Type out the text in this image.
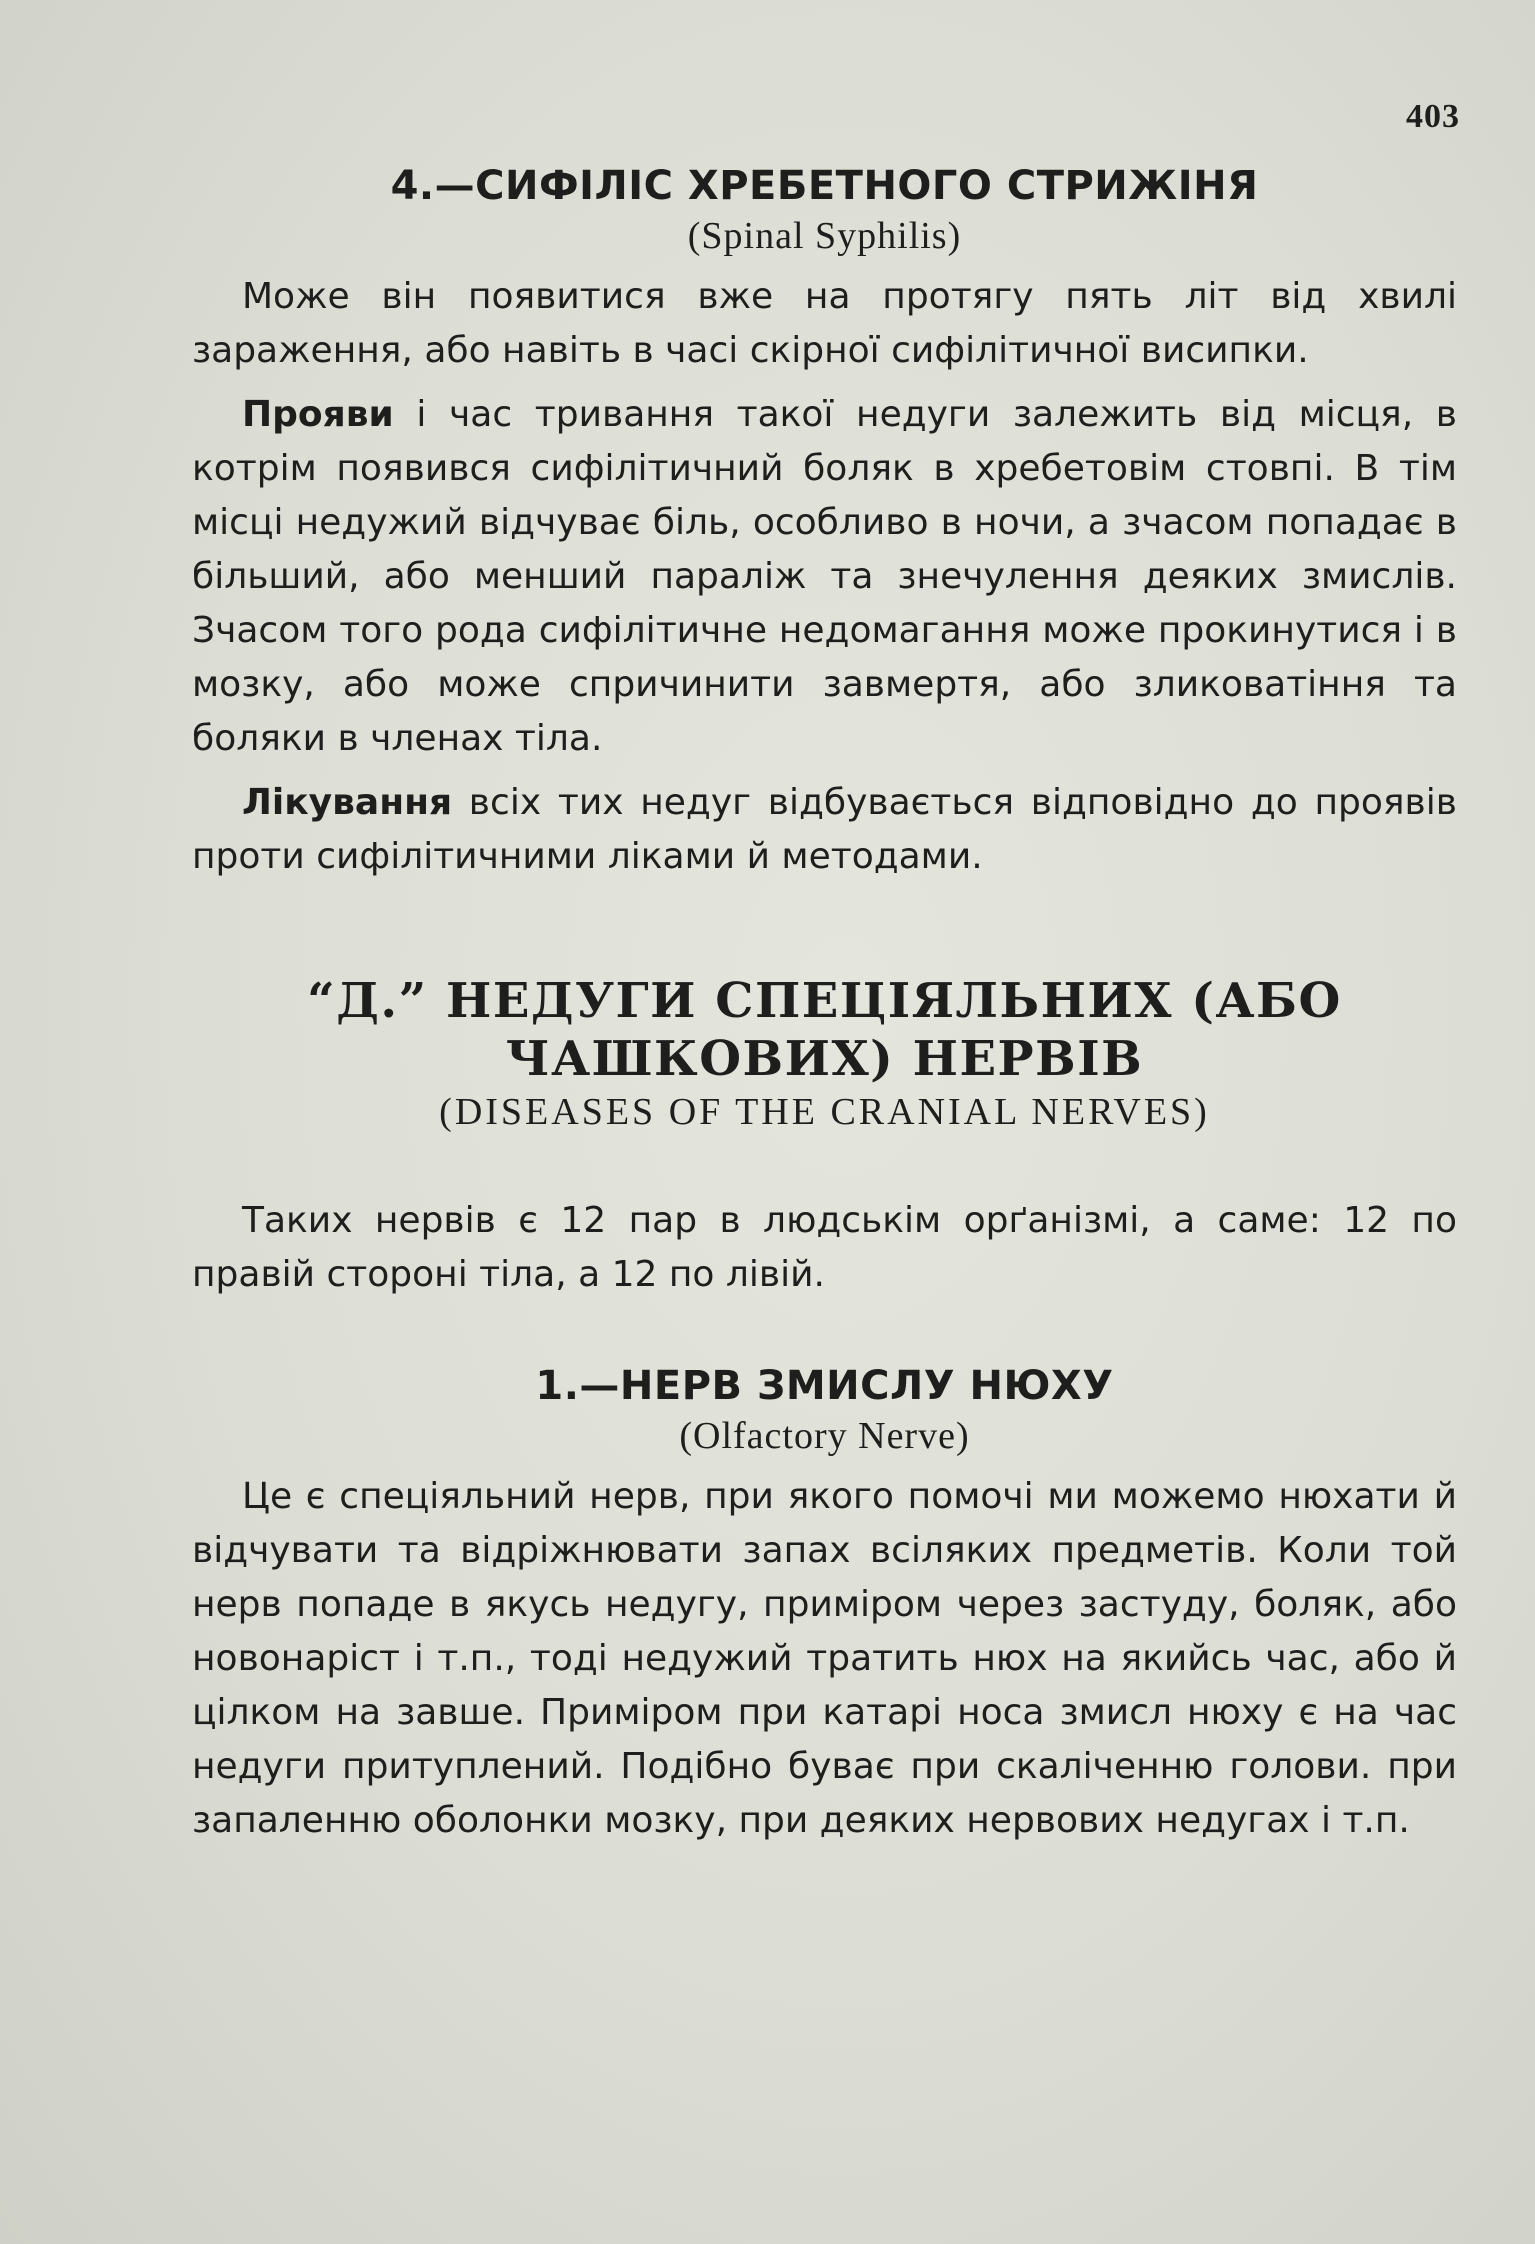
403
4.—СИФІЛІС ХРЕБЕТНОГО СТРИЖІНЯ
(Spinal Syphilis)

Може він появитися вже на протягу пять літ від хвилі зараження, або навіть в часі скірної сифілітичної висипки.

Прояви і час тривання такої недуги залежить від місця, в котрім появився сифілітичний боляк в хребетовім стовпі. В тім місці недужий відчуває біль, особливо в ночи, а зчасом попадає в більший, або менший параліж та знечулення деяких змислів. Зчасом того рода сифілітичне недомагання може прокинутися і в мозку, або може спричинити завмертя, або зликоватіння та боляки в членах тіла.

Лікування всіх тих недуг відбувається відповідно до проявів проти сифілітичними ліками й методами.

“Д.” НЕДУГИ СПЕЦІЯЛЬНИХ (АБО
ЧАШКОВИХ) НЕРВІВ
(DISEASES OF THE CRANIAL NERVES)

Таких нервів є 12 пар в людськім орґанізмі, а саме: 12 по правій стороні тіла, а 12 по лівій.

1.—НЕРВ ЗМИСЛУ НЮХУ
(Olfactory Nerve)

Це є спеціяльний нерв, при якого помочі ми можемо нюхати й відчувати та відріжнювати запах всіляких предметів. Коли той нерв попаде в якусь недугу, приміром через застуду, боляк, або новонаріст і т.п., тоді недужий тратить нюх на якийсь час, або й цілком на завше. Приміром при катарі носа змисл нюху є на час недуги притуплений. Подібно буває при скаліченню голови. при запаленню оболонки мозку, при деяких нервових недугах і т.п.
